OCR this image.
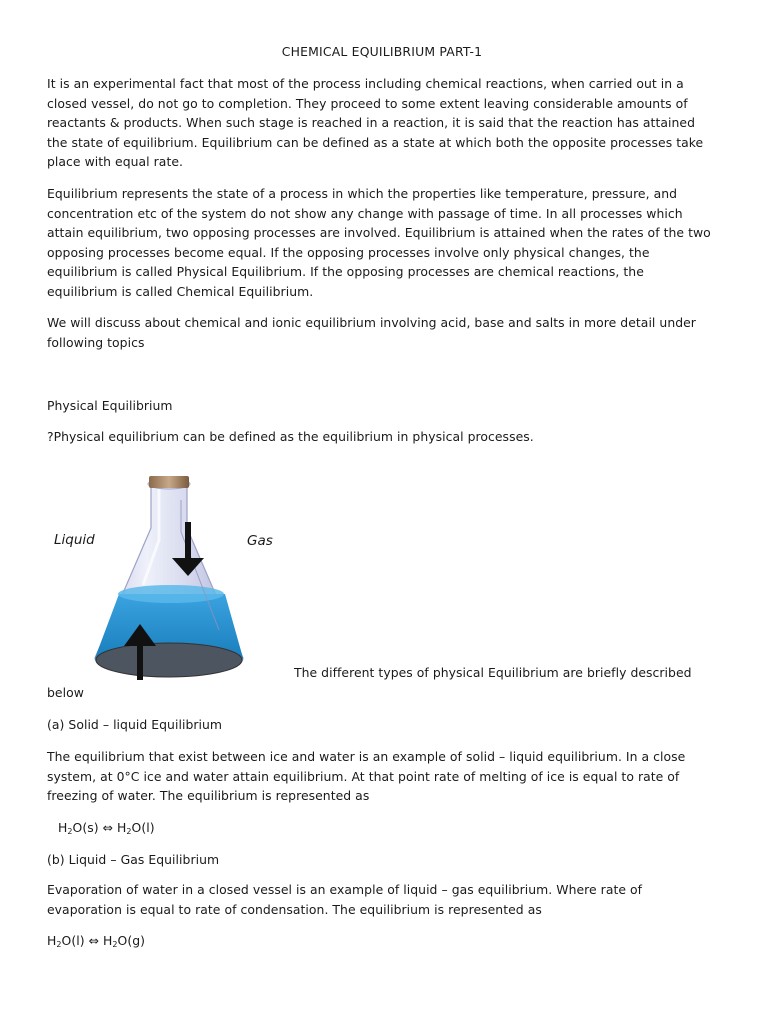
CHEMICAL EQUILIBRIUM PART-1

It is an experimental fact that most of the process including chemical reactions, when carried out in a closed vessel, do not go to completion. They proceed to some extent leaving considerable amounts of reactants & products. When such stage is reached in a reaction, it is said that the reaction has attained the state of equilibrium. Equilibrium can be defined as a state at which both the opposite processes take place with equal rate.

Equilibrium represents the state of a process in which the properties like temperature, pressure, and concentration etc of the system do not show any change with passage of time. In all processes which attain equilibrium, two opposing processes are involved. Equilibrium is attained when the rates of the two opposing processes become equal. If the opposing processes involve only physical changes, the equilibrium is called Physical Equilibrium. If the opposing processes are chemical reactions, the equilibrium is called Chemical Equilibrium.

We will discuss about chemical and ionic equilibrium involving acid, base and salts in more detail under following topics

Physical Equilibrium

?Physical equilibrium can be defined as the equilibrium in physical processes.

Liquid	Gas

The different types of physical Equilibrium are briefly described below

(a) Solid – liquid Equilibrium

The equilibrium that exist between ice and water is an example of solid – liquid equilibrium. In a close system, at 0°C ice and water attain equilibrium. At that point rate of melting of ice is equal to rate of freezing of water. The equilibrium is represented as

$H_2O(s)$ ⇔ $H_2O(l)$

(b) Liquid – Gas Equilibrium

Evaporation of water in a closed vessel is an example of liquid – gas equilibrium. Where rate of evaporation is equal to rate of condensation. The equilibrium is represented as

$H_2O(l)$ ⇔ $H_2O(g)$
